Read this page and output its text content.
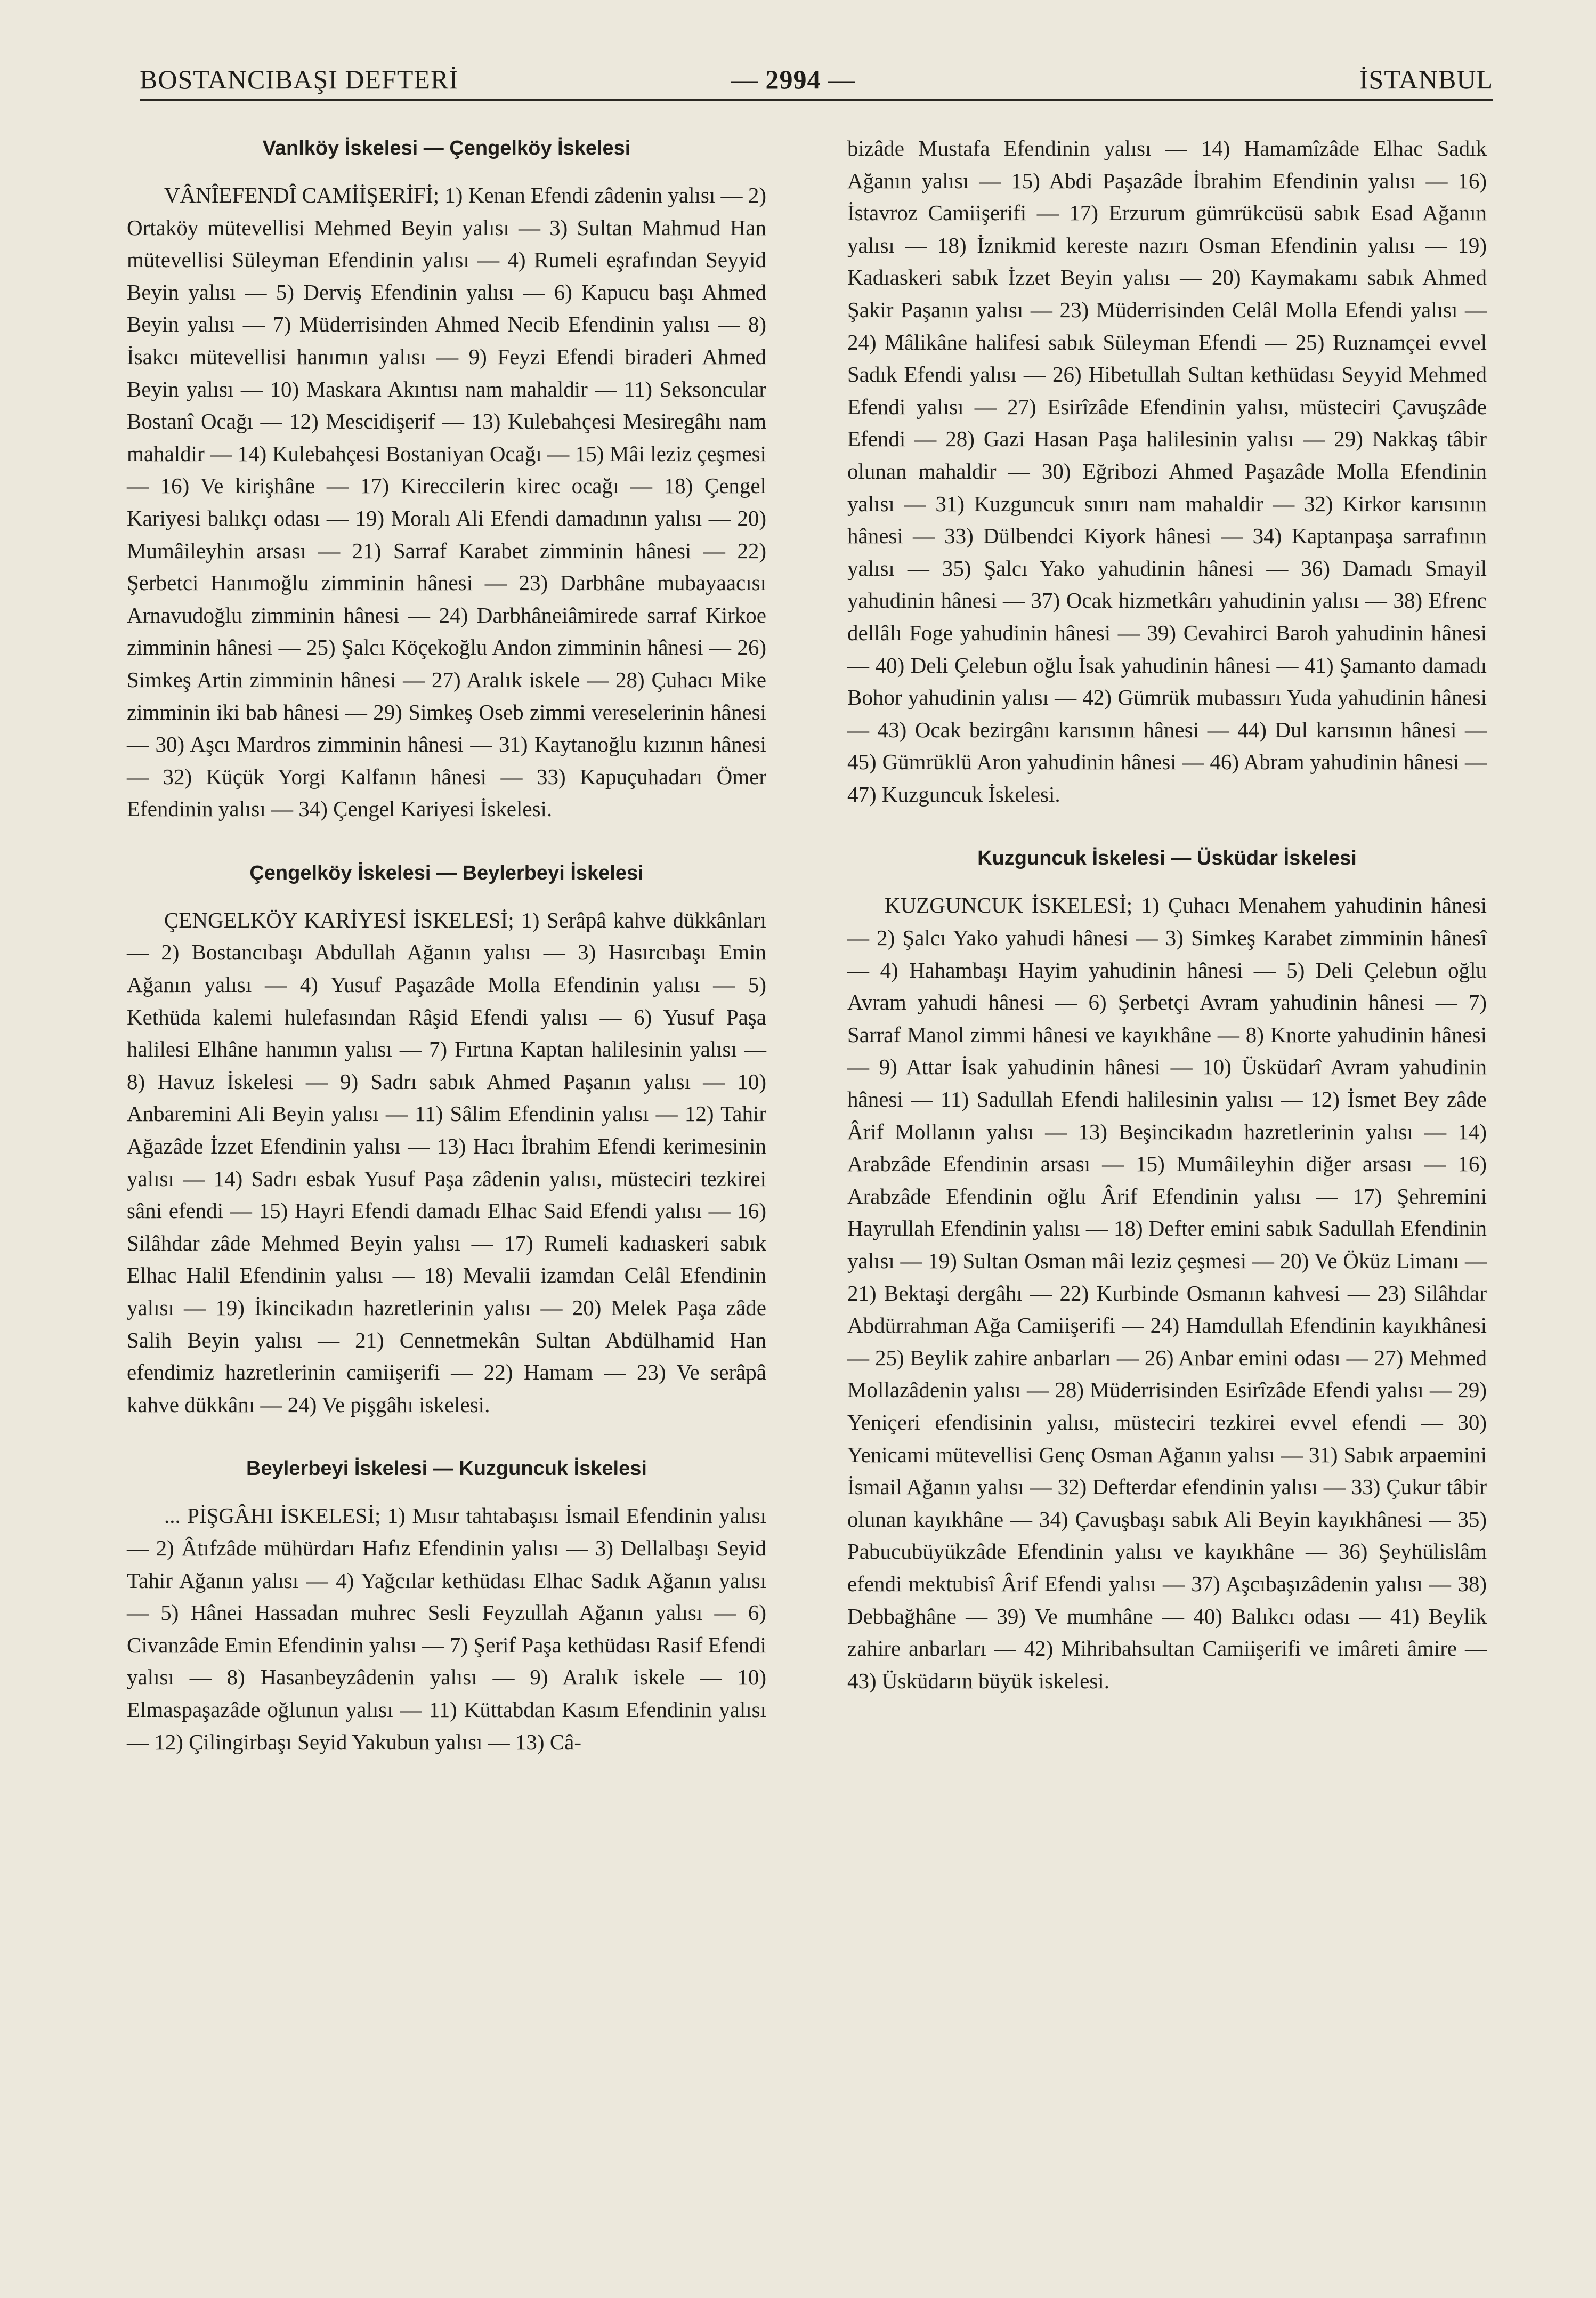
BOSTANCIBAŞI DEFTERİ	— 2994 —	İSTANBUL
Vanlköy İskelesi — Çengelköy İskelesi

VÂNÎEFENDÎ CAMİİŞERİFİ; 1) Kenan Efendi zâdenin yalısı — 2) Ortaköy mütevellisi Mehmed Beyin yalısı — 3) Sultan Mahmud Han mütevellisi Süleyman Efendinin yalısı — 4) Rumeli eşrafından Seyyid Beyin yalısı — 5) Derviş Efendinin yalısı — 6) Kapucu başı Ahmed Beyin yalısı — 7) Müderrisinden Ahmed Necib Efendinin yalısı — 8) İsakcı mütevellisi hanımın yalısı — 9) Feyzi Efendi biraderi Ahmed Beyin yalısı — 10) Maskara Akıntısı nam mahaldir — 11) Seksoncular Bostanî Ocağı — 12) Mescidişerif — 13) Kulebahçesi Mesiregâhı nam mahaldir — 14) Kulebahçesi Bostaniyan Ocağı — 15) Mâi leziz çeşmesi — 16) Ve kirişhâne — 17) Kireccilerin kirec ocağı — 18) Çengel Kariyesi balıkçı odası — 19) Moralı Ali Efendi damadının yalısı — 20) Mumâileyhin arsası — 21) Sarraf Karabet zimminin hânesi — 22) Şerbetci Hanımoğlu zimminin hânesi — 23) Darbhâne mubayaacısı Arnavudoğlu zimminin hânesi — 24) Darbhâneiâmirede sarraf Kirkoe zimminin hânesi — 25) Şalcı Köçekoğlu Andon zimminin hânesi — 26) Simkeş Artin zimminin hânesi — 27) Aralık iskele — 28) Çuhacı Mike zimminin iki bab hânesi — 29) Simkeş Oseb zimmi vereselerinin hânesi — 30) Aşcı Mardros zimminin hânesi — 31) Kaytanoğlu kızının hânesi — 32) Küçük Yorgi Kalfanın hânesi — 33) Kapuçuhadarı Ömer Efendinin yalısı — 34) Çengel Kariyesi İskelesi.

Çengelköy İskelesi — Beylerbeyi İskelesi

ÇENGELKÖY KARİYESİ İSKELESİ; 1) Serâpâ kahve dükkânları — 2) Bostancıbaşı Abdullah Ağanın yalısı — 3) Hasırcıbaşı Emin Ağanın yalısı — 4) Yusuf Paşazâde Molla Efendinin yalısı — 5) Kethüda kalemi hulefasından Râşid Efendi yalısı — 6) Yusuf Paşa halilesi Elhâne hanımın yalısı — 7) Fırtına Kaptan halilesinin yalısı — 8) Havuz İskelesi — 9) Sadrı sabık Ahmed Paşanın yalısı — 10) Anbaremini Ali Beyin yalısı — 11) Sâlim Efendinin yalısı — 12) Tahir Ağazâde İzzet Efendinin yalısı — 13) Hacı İbrahim Efendi kerimesinin yalısı — 14) Sadrı esbak Yusuf Paşa zâdenin yalısı, müsteciri tezkirei sâni efendi — 15) Hayri Efendi damadı Elhac Said Efendi yalısı — 16) Silâhdar zâde Mehmed Beyin yalısı — 17) Rumeli kadıaskeri sabık Elhac Halil Efendinin yalısı — 18) Mevalii izamdan Celâl Efendinin yalısı — 19) İkincikadın hazretlerinin yalısı — 20) Melek Paşa zâde Salih Beyin yalısı — 21) Cennetmekân Sultan Abdülhamid Han efendimiz hazretlerinin camiişerifi — 22) Hamam — 23) Ve serâpâ kahve dükkânı — 24) Ve pişgâhı iskelesi.

Beylerbeyi İskelesi — Kuzguncuk İskelesi

... PİŞGÂHI İSKELESİ; 1) Mısır tahtabaşısı İsmail Efendinin yalısı — 2) Âtıfzâde mühürdarı Hafız Efendinin yalısı — 3) Dellalbaşı Seyid Tahir Ağanın yalısı — 4) Yağcılar kethüdası Elhac Sadık Ağanın yalısı — 5) Hânei Hassadan muhrec Sesli Feyzullah Ağanın yalısı — 6) Civanzâde Emin Efendinin yalısı — 7) Şerif Paşa kethüdası Rasif Efendi yalısı — 8) Hasanbeyzâdenin yalısı — 9) Aralık iskele — 10) Elmaspaşazâde oğlunun yalısı — 11) Küttabdan Kasım Efendinin yalısı — 12) Çilingirbaşı Seyid Yakubun yalısı — 13) Câ-

bizâde Mustafa Efendinin yalısı — 14) Hamamîzâde Elhac Sadık Ağanın yalısı — 15) Abdi Paşazâde İbrahim Efendinin yalısı — 16) İstavroz Camiişerifi — 17) Erzurum gümrükcüsü sabık Esad Ağanın yalısı — 18) İznikmid kereste nazırı Osman Efendinin yalısı — 19) Kadıaskeri sabık İzzet Beyin yalısı — 20) Kaymakamı sabık Ahmed Şakir Paşanın yalısı — 23) Müderrisinden Celâl Molla Efendi yalısı — 24) Mâlikâne halifesi sabık Süleyman Efendi — 25) Ruznamçei evvel Sadık Efendi yalısı — 26) Hibetullah Sultan kethüdası Seyyid Mehmed Efendi yalısı — 27) Esirîzâde Efendinin yalısı, müsteciri Çavuşzâde Efendi — 28) Gazi Hasan Paşa halilesinin yalısı — 29) Nakkaş tâbir olunan mahaldir — 30) Eğribozi Ahmed Paşazâde Molla Efendinin yalısı — 31) Kuzguncuk sınırı nam mahaldir — 32) Kirkor karısının hânesi — 33) Dülbendci Kiyork hânesi — 34) Kaptanpaşa sarrafının yalısı — 35) Şalcı Yako yahudinin hânesi — 36) Damadı Smayil yahudinin hânesi — 37) Ocak hizmetkârı yahudinin yalısı — 38) Efrenc dellâlı Foge yahudinin hânesi — 39) Cevahirci Baroh yahudinin hânesi — 40) Deli Çelebun oğlu İsak yahudinin hânesi — 41) Şamanto damadı Bohor yahudinin yalısı — 42) Gümrük mubassırı Yuda yahudinin hânesi — 43) Ocak bezirgânı karısının hânesi — 44) Dul karısının hânesi — 45) Gümrüklü Aron yahudinin hânesi — 46) Abram yahudinin hânesi — 47) Kuzguncuk İskelesi.

Kuzguncuk İskelesi — Üsküdar İskelesi

KUZGUNCUK İSKELESİ; 1) Çuhacı Menahem yahudinin hânesi — 2) Şalcı Yako yahudi hânesi — 3) Simkeş Karabet zimminin hânesî — 4) Hahambaşı Hayim yahudinin hânesi — 5) Deli Çelebun oğlu Avram yahudi hânesi — 6) Şerbetçi Avram yahudinin hânesi — 7) Sarraf Manol zimmi hânesi ve kayıkhâne — 8) Knorte yahudinin hânesi — 9) Attar İsak yahudinin hânesi — 10) Üsküdarî Avram yahudinin hânesi — 11) Sadullah Efendi halilesinin yalısı — 12) İsmet Bey zâde Ârif Mollanın yalısı — 13) Beşincikadın hazretlerinin yalısı — 14) Arabzâde Efendinin arsası — 15) Mumâileyhin diğer arsası — 16) Arabzâde Efendinin oğlu Ârif Efendinin yalısı — 17) Şehremini Hayrullah Efendinin yalısı — 18) Defter emini sabık Sadullah Efendinin yalısı — 19) Sultan Osman mâi leziz çeşmesi — 20) Ve Öküz Limanı — 21) Bektaşi dergâhı — 22) Kurbinde Osmanın kahvesi — 23) Silâhdar Abdürrahman Ağa Camiişerifi — 24) Hamdullah Efendinin kayıkhânesi — 25) Beylik zahire anbarları — 26) Anbar emini odası — 27) Mehmed Mollazâdenin yalısı — 28) Müderrisinden Esirîzâde Efendi yalısı — 29) Yeniçeri efendisinin yalısı, müsteciri tezkirei evvel efendi — 30) Yenicami mütevellisi Genç Osman Ağanın yalısı — 31) Sabık arpaemini İsmail Ağanın yalısı — 32) Defterdar efendinin yalısı — 33) Çukur tâbir olunan kayıkhâne — 34) Çavuşbaşı sabık Ali Beyin kayıkhânesi — 35) Pabucubüyükzâde Efendinin yalısı ve kayıkhâne — 36) Şeyhülislâm efendi mektubisî Ârif Efendi yalısı — 37) Aşcıbaşızâdenin yalısı — 38) Debbağhâne — 39) Ve mumhâne — 40) Balıkcı odası — 41) Beylik zahire anbarları — 42) Mihribahsultan Camiişerifi ve imâreti âmire — 43) Üsküdarın büyük iskelesi.
